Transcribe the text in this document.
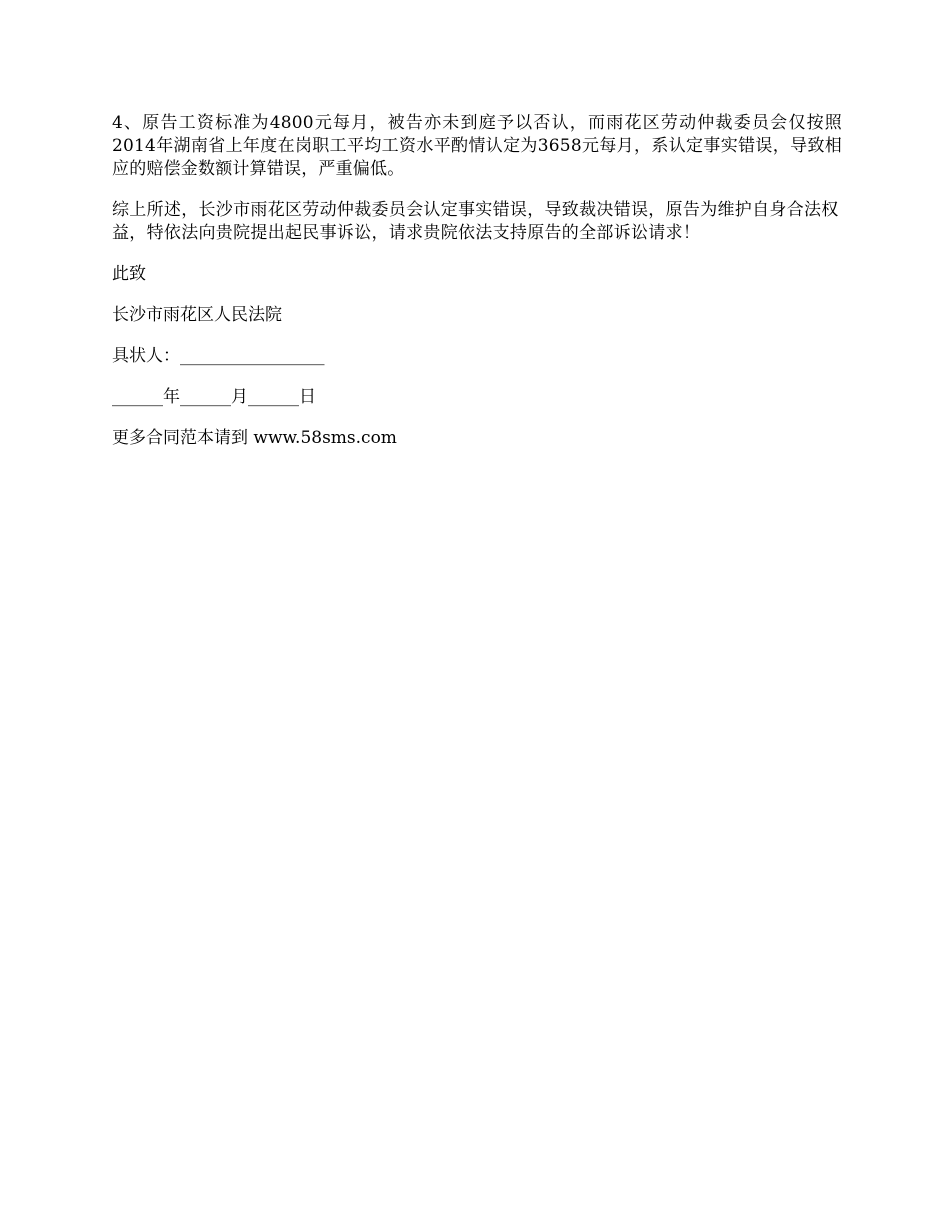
4、原告工资标准为4800元每月，被告亦未到庭予以否认，而雨花区劳动仲裁委员会仅按照2014年湖南省上年度在岗职工平均工资水平酌情认定为3658元每月，系认定事实错误，导致相应的赔偿金数额计算错误，严重偏低。

综上所述，长沙市雨花区劳动仲裁委员会认定事实错误，导致裁决错误，原告为维护自身合法权益，特依法向贵院提出起民事诉讼，请求贵院依法支持原告的全部诉讼请求！

此致

长沙市雨花区人民法院

具状人：_________________

______年______月______日

更多合同范本请到 www.58sms.com
